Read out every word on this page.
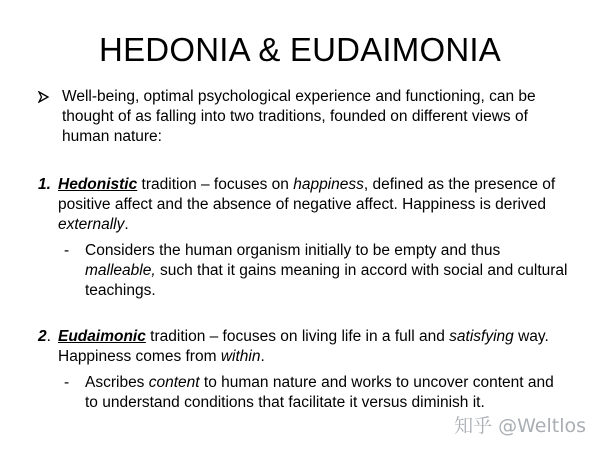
HEDONIA & EUDAIMONIA
Well-being, optimal psychological experience and functioning, can be thought of as falling into two traditions, founded on different views of human nature:
1. Hedonistic tradition – focuses on happiness, defined as the presence of positive affect and the absence of negative affect. Happiness is derived externally.
- Considers the human organism initially to be empty and thus malleable, such that it gains meaning in accord with social and cultural teachings.
2. Eudaimonic tradition – focuses on living life in a full and satisfying way. Happiness comes from within.
- Ascribes content to human nature and works to uncover content and to understand conditions that facilitate it versus diminish it.
知乎 @Weltlos
